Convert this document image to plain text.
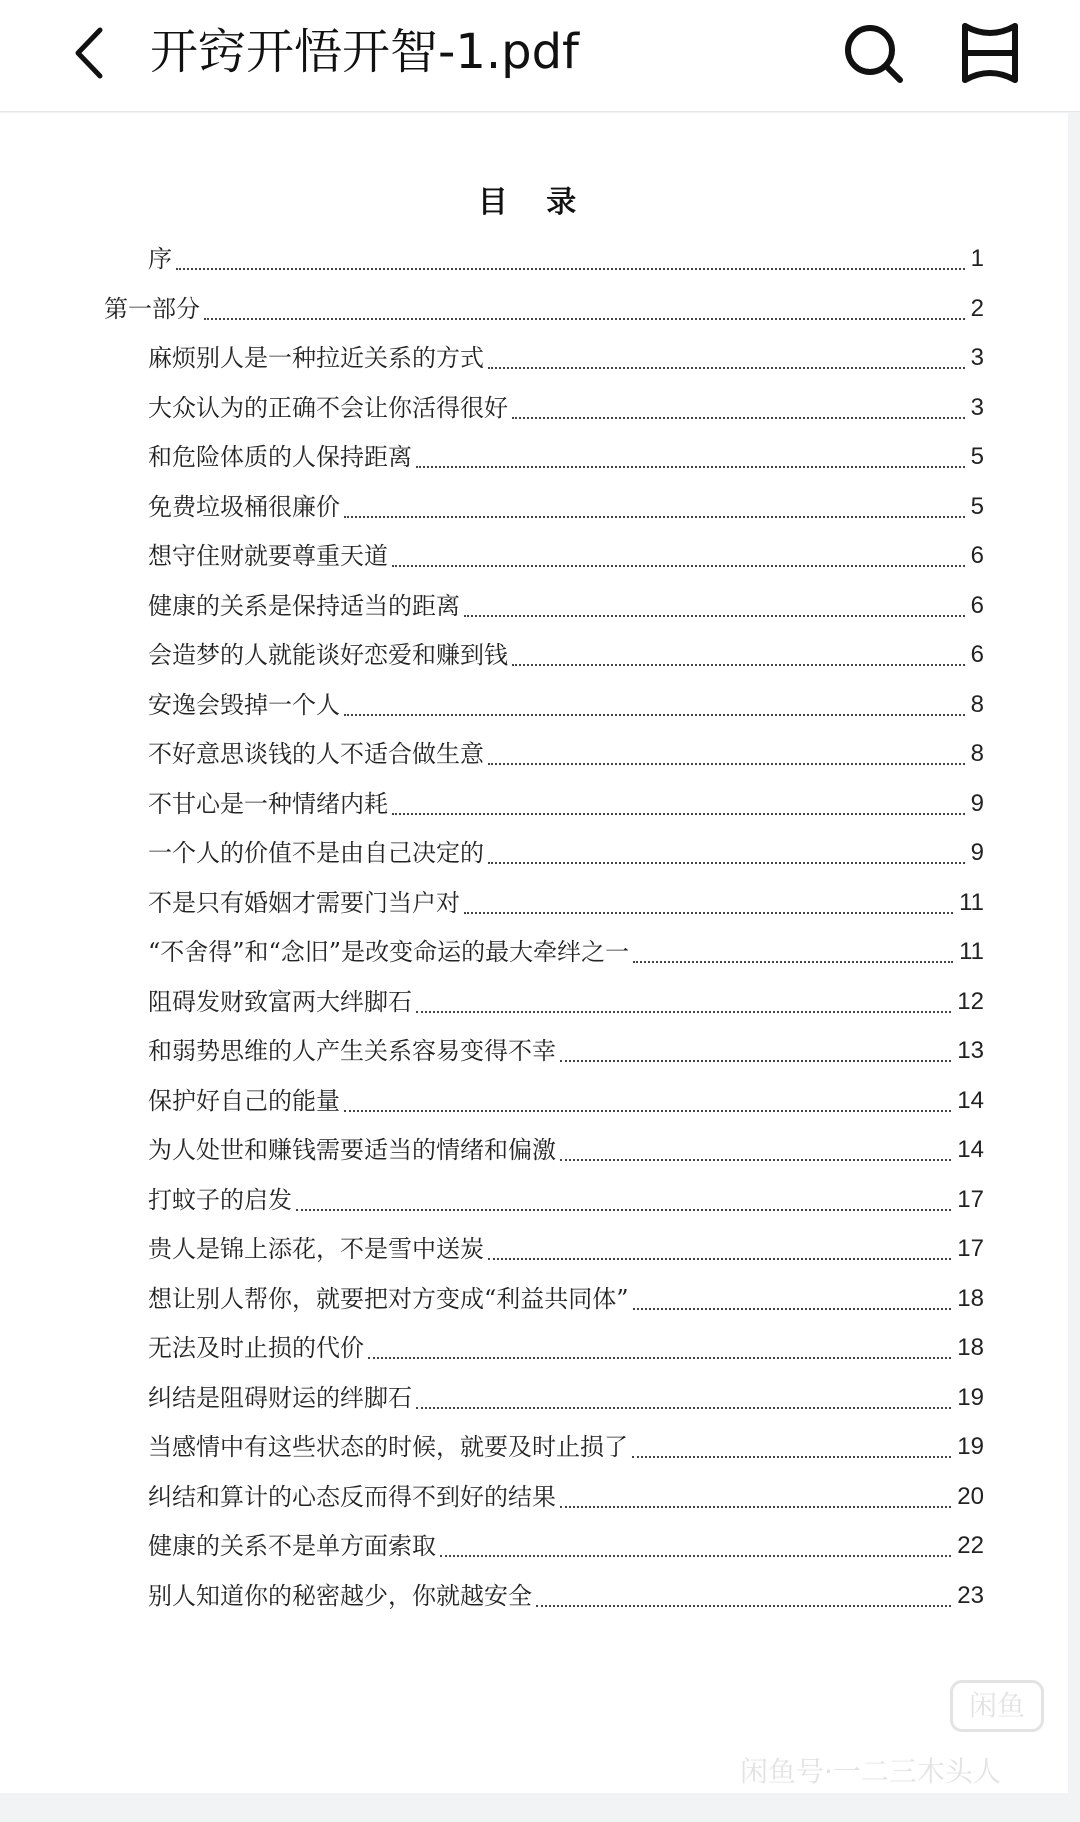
开窍开悟开智-1.pdf
目 录
序	1
第一部分	2
麻烦别人是一种拉近关系的方式	3
大众认为的正确不会让你活得很好	3
和危险体质的人保持距离	5
免费垃圾桶很廉价	5
想守住财就要尊重天道	6
健康的关系是保持适当的距离	6
会造梦的人就能谈好恋爱和赚到钱	6
安逸会毁掉一个人	8
不好意思谈钱的人不适合做生意	8
不甘心是一种情绪内耗	9
一个人的价值不是由自己决定的	9
不是只有婚姻才需要门当户对	11
“不舍得”和“念旧”是改变命运的最大牵绊之一	11
阻碍发财致富两大绊脚石	12
和弱势思维的人产生关系容易变得不幸	13
保护好自己的能量	14
为人处世和赚钱需要适当的情绪和偏激	14
打蚊子的启发	17
贵人是锦上添花，不是雪中送炭	17
想让别人帮你，就要把对方变成“利益共同体”	18
无法及时止损的代价	18
纠结是阻碍财运的绊脚石	19
当感情中有这些状态的时候，就要及时止损了	19
纠结和算计的心态反而得不到好的结果	20
健康的关系不是单方面索取	22
别人知道你的秘密越少，你就越安全	23
闲鱼
闲鱼号·一二三木头人
